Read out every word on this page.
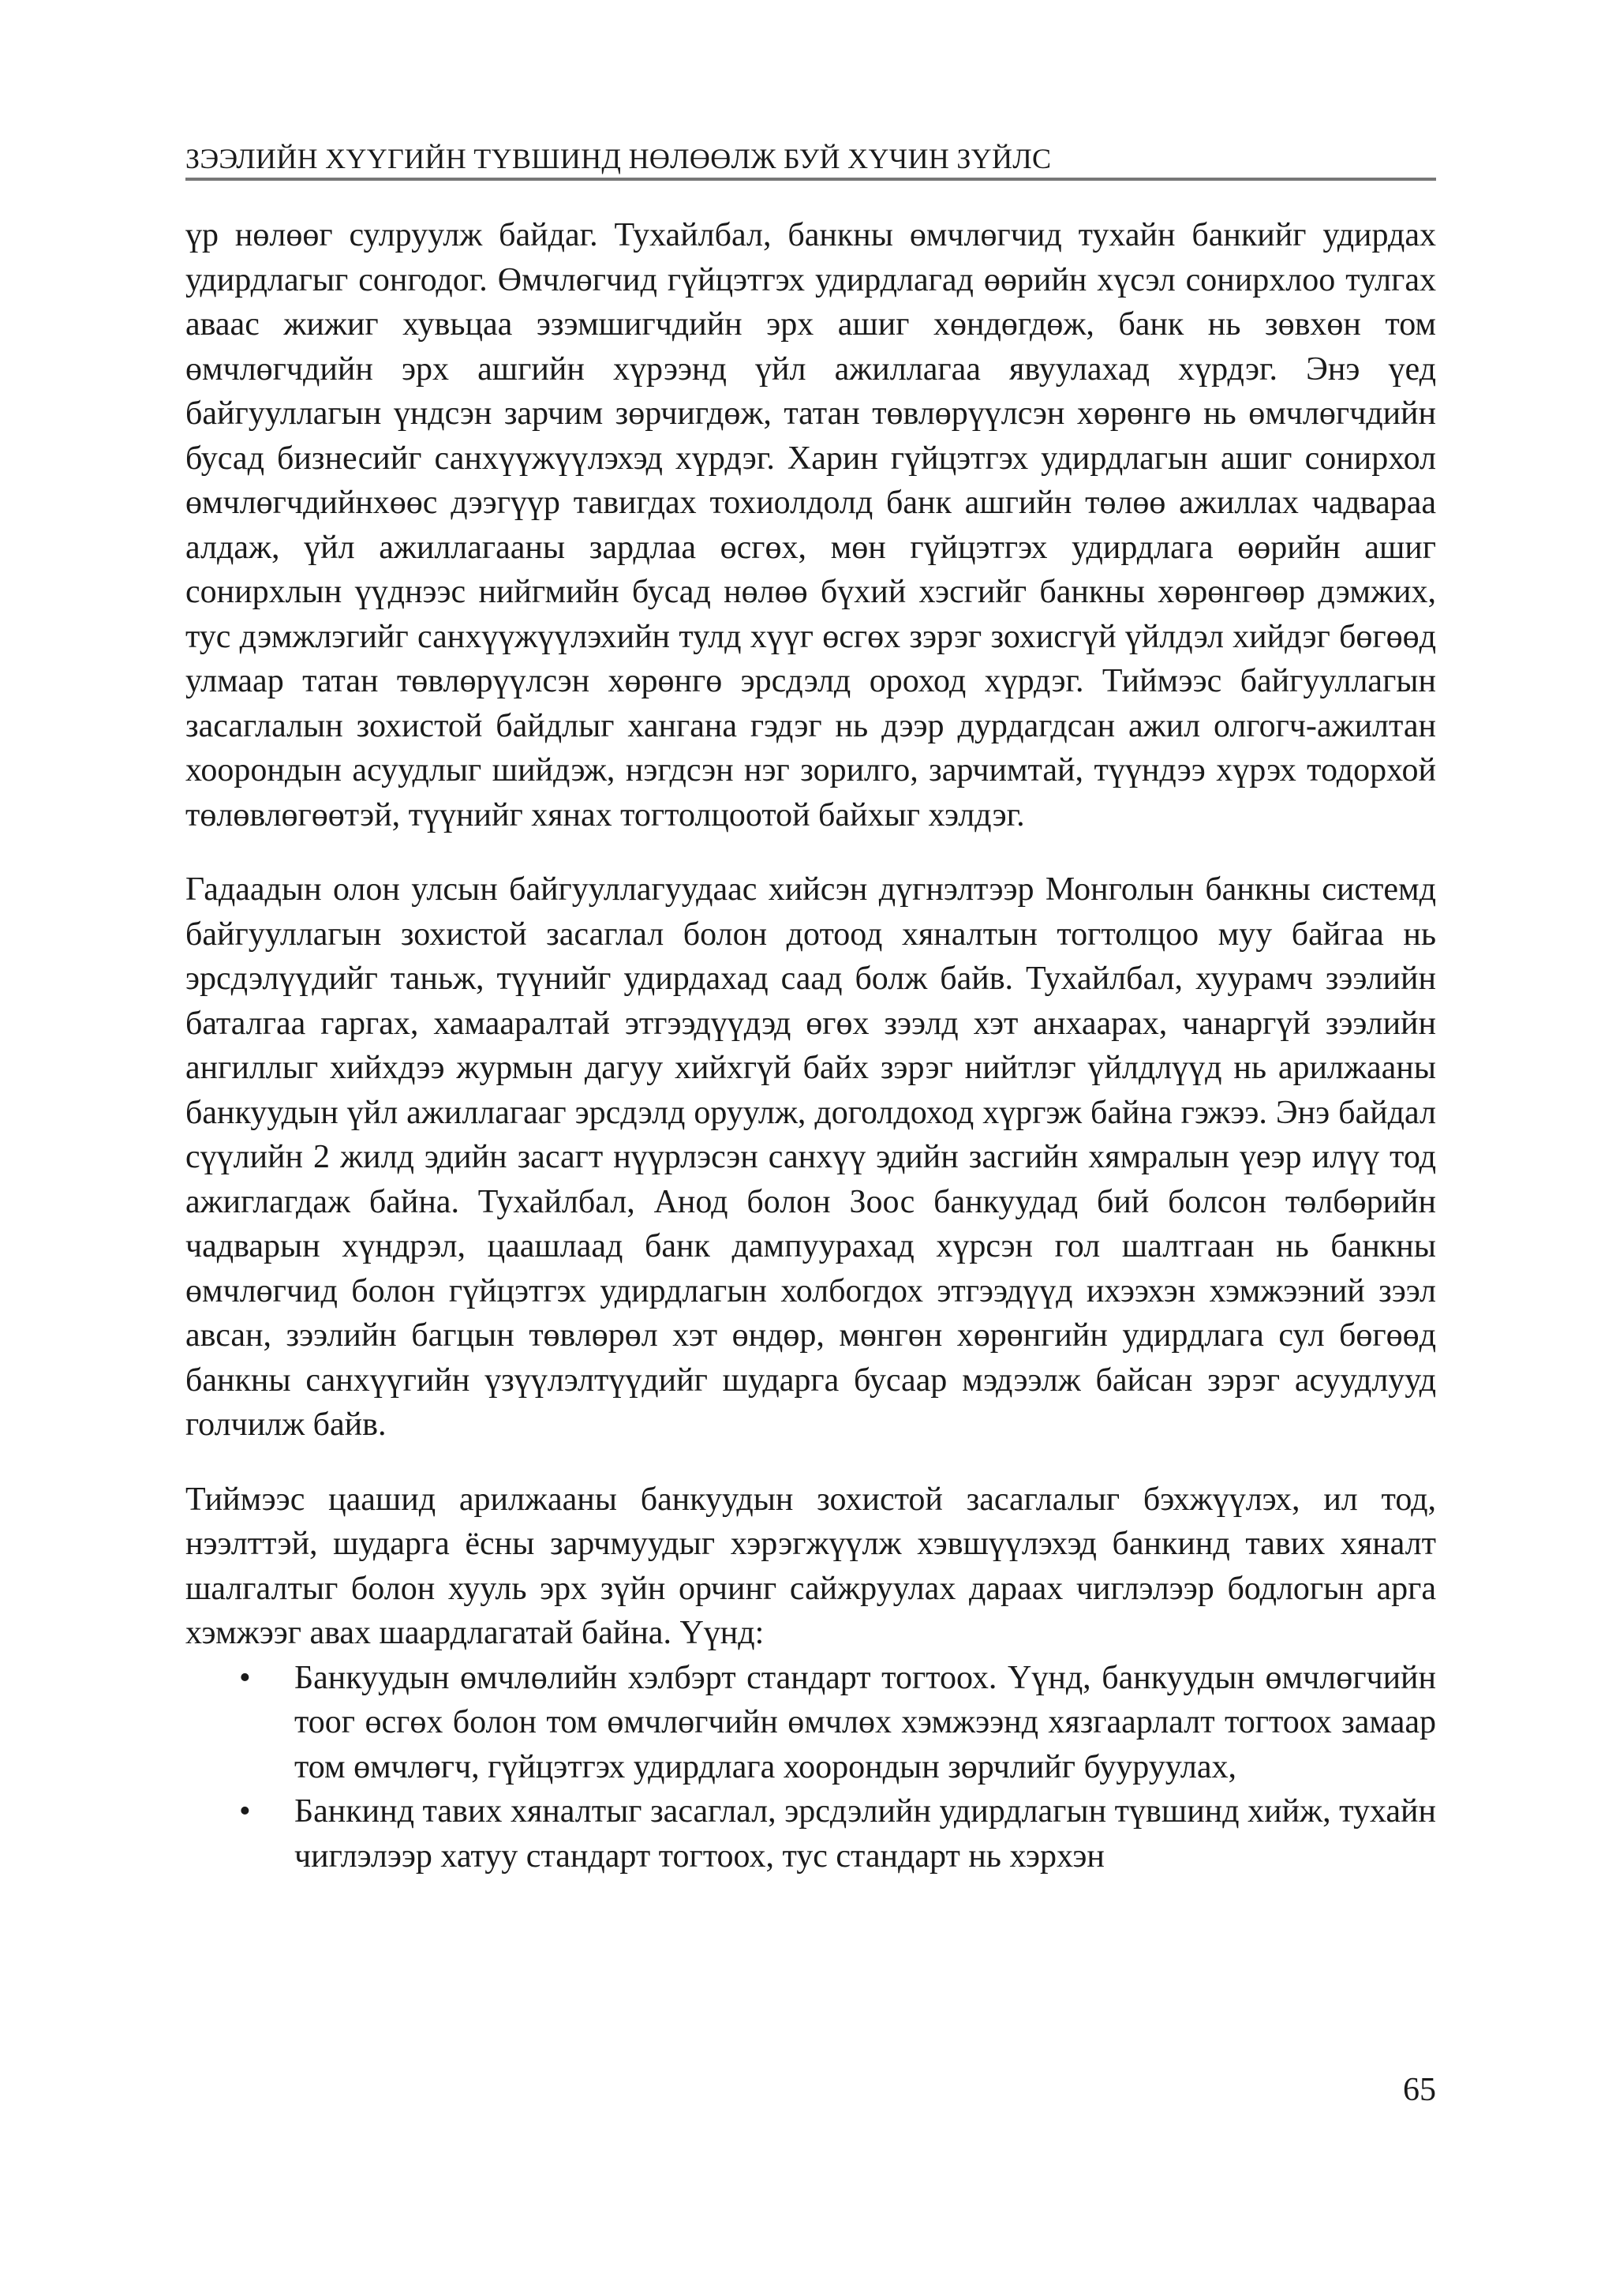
ЗЭЭЛИЙН ХҮҮГИЙН ТҮВШИНД НӨЛӨӨЛЖ БУЙ ХҮЧИН ЗҮЙЛС

үр нөлөөг сулруулж байдаг. Тухайлбал, банкны өмчлөгчид тухайн банкийг удирдах удирдлагыг сонгодог. Өмчлөгчид гүйцэтгэх удирдлагад өөрийн хүсэл сонирхлоо тулгах аваас жижиг хувьцаа эзэмшигчдийн эрх ашиг хөндөгдөж, банк нь зөвхөн том өмчлөгчдийн эрх ашгийн хүрээнд үйл ажиллагаа явуулахад хүрдэг. Энэ үед байгууллагын үндсэн зарчим зөрчигдөж, татан төвлөрүүлсэн хөрөнгө нь өмчлөгчдийн бусад бизнесийг санхүүжүүлэхэд хүрдэг. Харин гүйцэтгэх удирдлагын ашиг сонирхол өмчлөгчдийнхөөс дээгүүр тавигдах тохиолдолд банк ашгийн төлөө ажиллах чадвараа алдаж, үйл ажиллагааны зардлаа өсгөх, мөн гүйцэтгэх удирдлага өөрийн ашиг сонирхлын үүднээс нийгмийн бусад нөлөө бүхий хэсгийг банкны хөрөнгөөр дэмжих, тус дэмжлэгийг санхүүжүүлэхийн тулд хүүг өсгөх зэрэг зохисгүй үйлдэл хийдэг бөгөөд улмаар татан төвлөрүүлсэн хөрөнгө эрсдэлд ороход хүрдэг. Тиймээс байгууллагын засаглалын зохистой байдлыг хангана гэдэг нь дээр дурдагдсан ажил олгогч-ажилтан хоорондын асуудлыг шийдэж, нэгдсэн нэг зорилго, зарчимтай, түүндээ хүрэх тодорхой төлөвлөгөөтэй, түүнийг хянах тогтолцоотой байхыг хэлдэг.

Гадаадын олон улсын байгууллагуудаас хийсэн дүгнэлтээр Монголын банкны системд байгууллагын зохистой засаглал болон дотоод хяналтын тогтолцоо муу байгаа нь эрсдэлүүдийг таньж, түүнийг удирдахад саад болж байв. Тухайлбал, хуурамч зээлийн баталгаа гаргах, хамааралтай этгээдүүдэд өгөх зээлд хэт анхаарах, чанаргүй зээлийн ангиллыг хийхдээ журмын дагуу хийхгүй байх зэрэг нийтлэг үйлдлүүд нь арилжааны банкуудын үйл ажиллагааг эрсдэлд оруулж, доголдоход хүргэж байна гэжээ. Энэ байдал сүүлийн 2 жилд эдийн засагт нүүрлэсэн санхүү эдийн засгийн хямралын үеэр илүү тод ажиглагдаж байна. Тухайлбал, Анод болон Зоос банкуудад бий болсон төлбөрийн чадварын хүндрэл, цаашлаад банк дампуурахад хүрсэн гол шалтгаан нь банкны өмчлөгчид болон гүйцэтгэх удирдлагын холбогдох этгээдүүд ихээхэн хэмжээний зээл авсан, зээлийн багцын төвлөрөл хэт өндөр, мөнгөн хөрөнгийн удирдлага сул бөгөөд банкны санхүүгийн үзүүлэлтүүдийг шударга бусаар мэдээлж байсан зэрэг асуудлууд голчилж байв.

Тиймээс цаашид арилжааны банкуудын зохистой засаглалыг бэхжүүлэх, ил тод, нээлттэй, шударга ёсны зарчмуудыг хэрэгжүүлж хэвшүүлэхэд банкинд тавих хяналт шалгалтыг болон хууль эрх зүйн орчинг сайжруулах дараах чиглэлээр бодлогын арга хэмжээг авах шаардлагатай байна. Үүнд:

• Банкуудын өмчлөлийн хэлбэрт стандарт тогтоох. Үүнд, банкуудын өмчлөгчийн тоог өсгөх болон том өмчлөгчийн өмчлөх хэмжээнд хязгаарлалт тогтоох замаар том өмчлөгч, гүйцэтгэх удирдлага хоорондын зөрчлийг бууруулах,
• Банкинд тавих хяналтыг засаглал, эрсдэлийн удирдлагын түвшинд хийж, тухайн чиглэлээр хатуу стандарт тогтоох, тус стандарт нь хэрхэн
65
